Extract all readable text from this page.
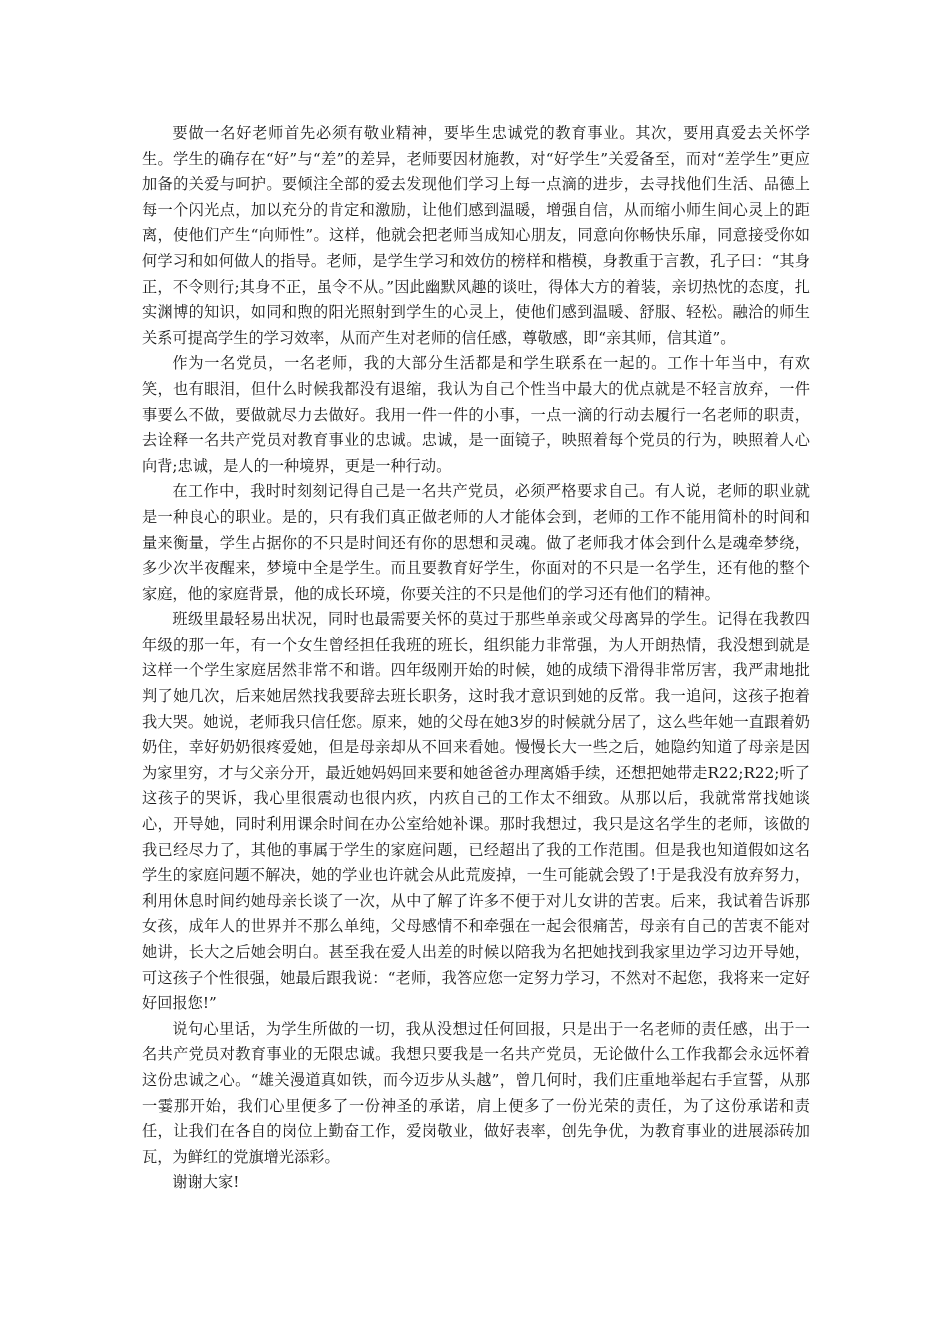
要做一名好老师首先必须有敬业精神，要毕生忠诚党的教育事业。其次，要用真爱去关怀学生。学生的确存在“好”与“差”的差异，老师要因材施教，对“好学生”关爱备至，而对“差学生”更应加备的关爱与呵护。要倾注全部的爱去发现他们学习上每一点滴的进步，去寻找他们生活、品德上每一个闪光点，加以充分的肯定和激励，让他们感到温暖，增强自信，从而缩小师生间心灵上的距离，使他们产生“向师性”。这样，他就会把老师当成知心朋友，同意向你畅快乐扉，同意接受你如何学习和如何做人的指导。老师，是学生学习和效仿的榜样和楷模，身教重于言教，孔子曰：“其身正，不令则行;其身不正，虽令不从。”因此幽默风趣的谈吐，得体大方的着装，亲切热忱的态度，扎实渊博的知识，如同和煦的阳光照射到学生的心灵上，使他们感到温暖、舒服、轻松。融洽的师生关系可提高学生的学习效率，从而产生对老师的信任感，尊敬感，即“亲其师，信其道”。

作为一名党员，一名老师，我的大部分生活都是和学生联系在一起的。工作十年当中，有欢笑，也有眼泪，但什么时候我都没有退缩，我认为自己个性当中最大的优点就是不轻言放弃，一件事要么不做，要做就尽力去做好。我用一件一件的小事，一点一滴的行动去履行一名老师的职责，去诠释一名共产党员对教育事业的忠诚。忠诚，是一面镜子，映照着每个党员的行为，映照着人心向背;忠诚，是人的一种境界，更是一种行动。

在工作中，我时时刻刻记得自己是一名共产党员，必须严格要求自己。有人说，老师的职业就是一种良心的职业。是的，只有我们真正做老师的人才能体会到，老师的工作不能用简朴的时间和量来衡量，学生占据你的不只是时间还有你的思想和灵魂。做了老师我才体会到什么是魂牵梦绕，多少次半夜醒来，梦境中全是学生。而且要教育好学生，你面对的不只是一名学生，还有他的整个家庭，他的家庭背景，他的成长环境，你要关注的不只是他们的学习还有他们的精神。

班级里最轻易出状况，同时也最需要关怀的莫过于那些单亲或父母离异的学生。记得在我教四年级的那一年，有一个女生曾经担任我班的班长，组织能力非常强，为人开朗热情，我没想到就是这样一个学生家庭居然非常不和谐。四年级刚开始的时候，她的成绩下滑得非常厉害，我严肃地批判了她几次，后来她居然找我要辞去班长职务，这时我才意识到她的反常。我一追问，这孩子抱着我大哭。她说，老师我只信任您。原来，她的父母在她3岁的时候就分居了，这么些年她一直跟着奶奶住，幸好奶奶很疼爱她，但是母亲却从不回来看她。慢慢长大一些之后，她隐约知道了母亲是因为家里穷，才与父亲分开，最近她妈妈回来要和她爸爸办理离婚手续，还想把她带走R22;R22;听了这孩子的哭诉，我心里很震动也很内疚，内疚自己的工作太不细致。从那以后，我就常常找她谈心，开导她，同时利用课余时间在办公室给她补课。那时我想过，我只是这名学生的老师，该做的我已经尽力了，其他的事属于学生的家庭问题，已经超出了我的工作范围。但是我也知道假如这名学生的家庭问题不解决，她的学业也许就会从此荒废掉，一生可能就会毁了!于是我没有放弃努力，利用休息时间约她母亲长谈了一次，从中了解了许多不便于对儿女讲的苦衷。后来，我试着告诉那女孩，成年人的世界并不那么单纯，父母感情不和牵强在一起会很痛苦，母亲有自己的苦衷不能对她讲，长大之后她会明白。甚至我在爱人出差的时候以陪我为名把她找到我家里边学习边开导她，可这孩子个性很强，她最后跟我说：“老师，我答应您一定努力学习，不然对不起您，我将来一定好好回报您!”

说句心里话，为学生所做的一切，我从没想过任何回报，只是出于一名老师的责任感，出于一名共产党员对教育事业的无限忠诚。我想只要我是一名共产党员，无论做什么工作我都会永远怀着这份忠诚之心。“雄关漫道真如铁，而今迈步从头越”，曾几何时，我们庄重地举起右手宣誓，从那一霎那开始，我们心里便多了一份神圣的承诺，肩上便多了一份光荣的责任，为了这份承诺和责任，让我们在各自的岗位上勤奋工作，爱岗敬业，做好表率，创先争优，为教育事业的进展添砖加瓦，为鲜红的党旗增光添彩。

谢谢大家!
